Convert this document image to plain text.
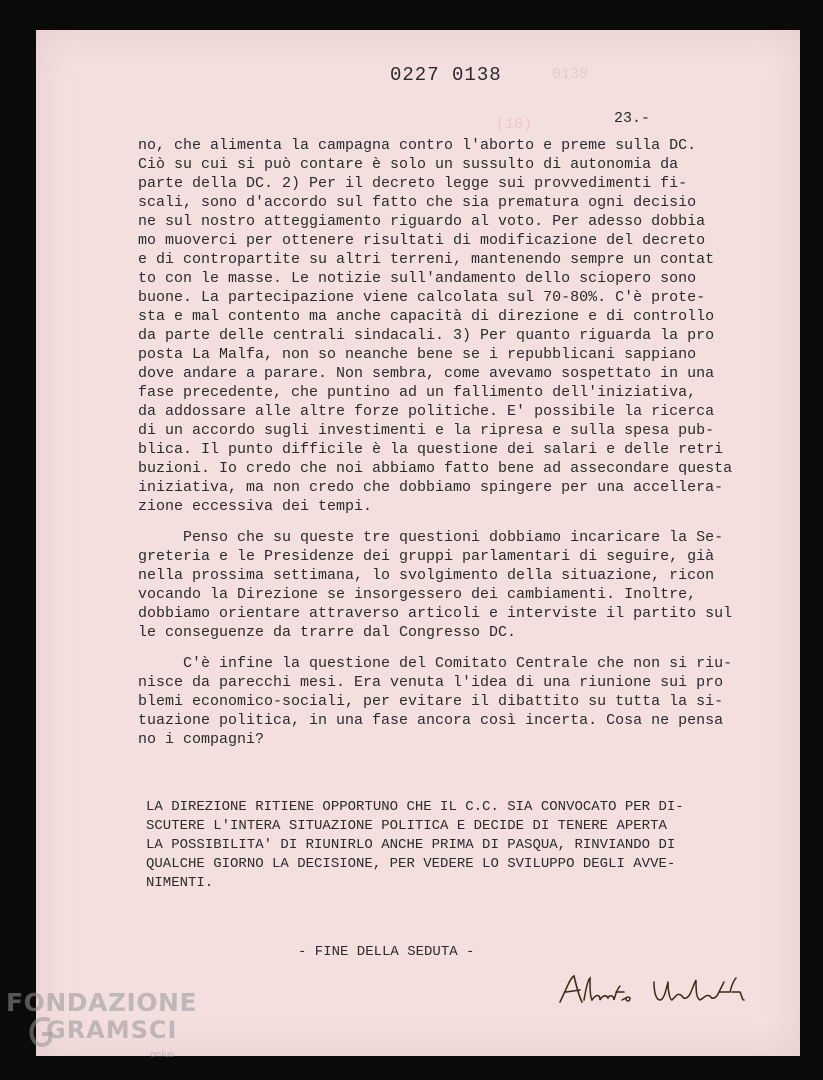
0138
(10)
0227 0138
23.-
no, che alimenta la campagna contro l'aborto e preme sulla DC.
Ciò su cui si può contare è solo un sussulto di autonomia da
parte della DC. 2) Per il decreto legge sui provvedimenti fi-
scali, sono d'accordo sul fatto che sia prematura ogni decisio
ne sul nostro atteggiamento riguardo al voto. Per adesso dobbia
mo muoverci per ottenere risultati di modificazione del decreto
e di contropartite su altri terreni, mantenendo sempre un contat
to con le masse. Le notizie sull'andamento dello sciopero sono
buone. La partecipazione viene calcolata sul 70-80%. C'è prote-
sta e mal contento ma anche capacità di direzione e di controllo
da parte delle centrali sindacali. 3) Per quanto riguarda la pro
posta La Malfa, non so neanche bene se i repubblicani sappiano
dove andare a parare. Non sembra, come avevamo sospettato in una
fase precedente, che puntino ad un fallimento dell'iniziativa,
da addossare alle altre forze politiche. E' possibile la ricerca
di un accordo sugli investimenti e la ripresa e sulla spesa pub-
blica. Il punto difficile è la questione dei salari e delle retri
buzioni. Io credo che noi abbiamo fatto bene ad assecondare questa
iniziativa, ma non credo che dobbiamo spingere per una accellera-
zione eccessiva dei tempi.
Penso che su queste tre questioni dobbiamo incaricare la Se-
greteria e le Presidenze dei gruppi parlamentari di seguire, già
nella prossima settimana, lo svolgimento della situazione, ricon
vocando la Direzione se insorgessero dei cambiamenti. Inoltre,
dobbiamo orientare attraverso articoli e interviste il partito sul
le conseguenze da trarre dal Congresso DC.
C'è infine la questione del Comitato Centrale che non si riu-
nisce da parecchi mesi. Era venuta l'idea di una riunione sui pro
blemi economico-sociali, per evitare il dibattito su tutta la si-
tuazione politica, in una fase ancora così incerta. Cosa ne pensa
no i compagni?
LA DIREZIONE RITIENE OPPORTUNO CHE IL C.C. SIA CONVOCATO PER DI-
SCUTERE L'INTERA SITUAZIONE POLITICA E DECIDE DI TENERE APERTA
LA POSSIBILITA' DI RIUNIRLO ANCHE PRIMA DI PASQUA, RINVIANDO DI
QUALCHE GIORNO LA DECISIONE, PER VEDERE LO SVILUPPO DEGLI AVVE-
NIMENTI.
- FINE DELLA SEDUTA -
FONDAZIONE
GRAMSCI
onlus
